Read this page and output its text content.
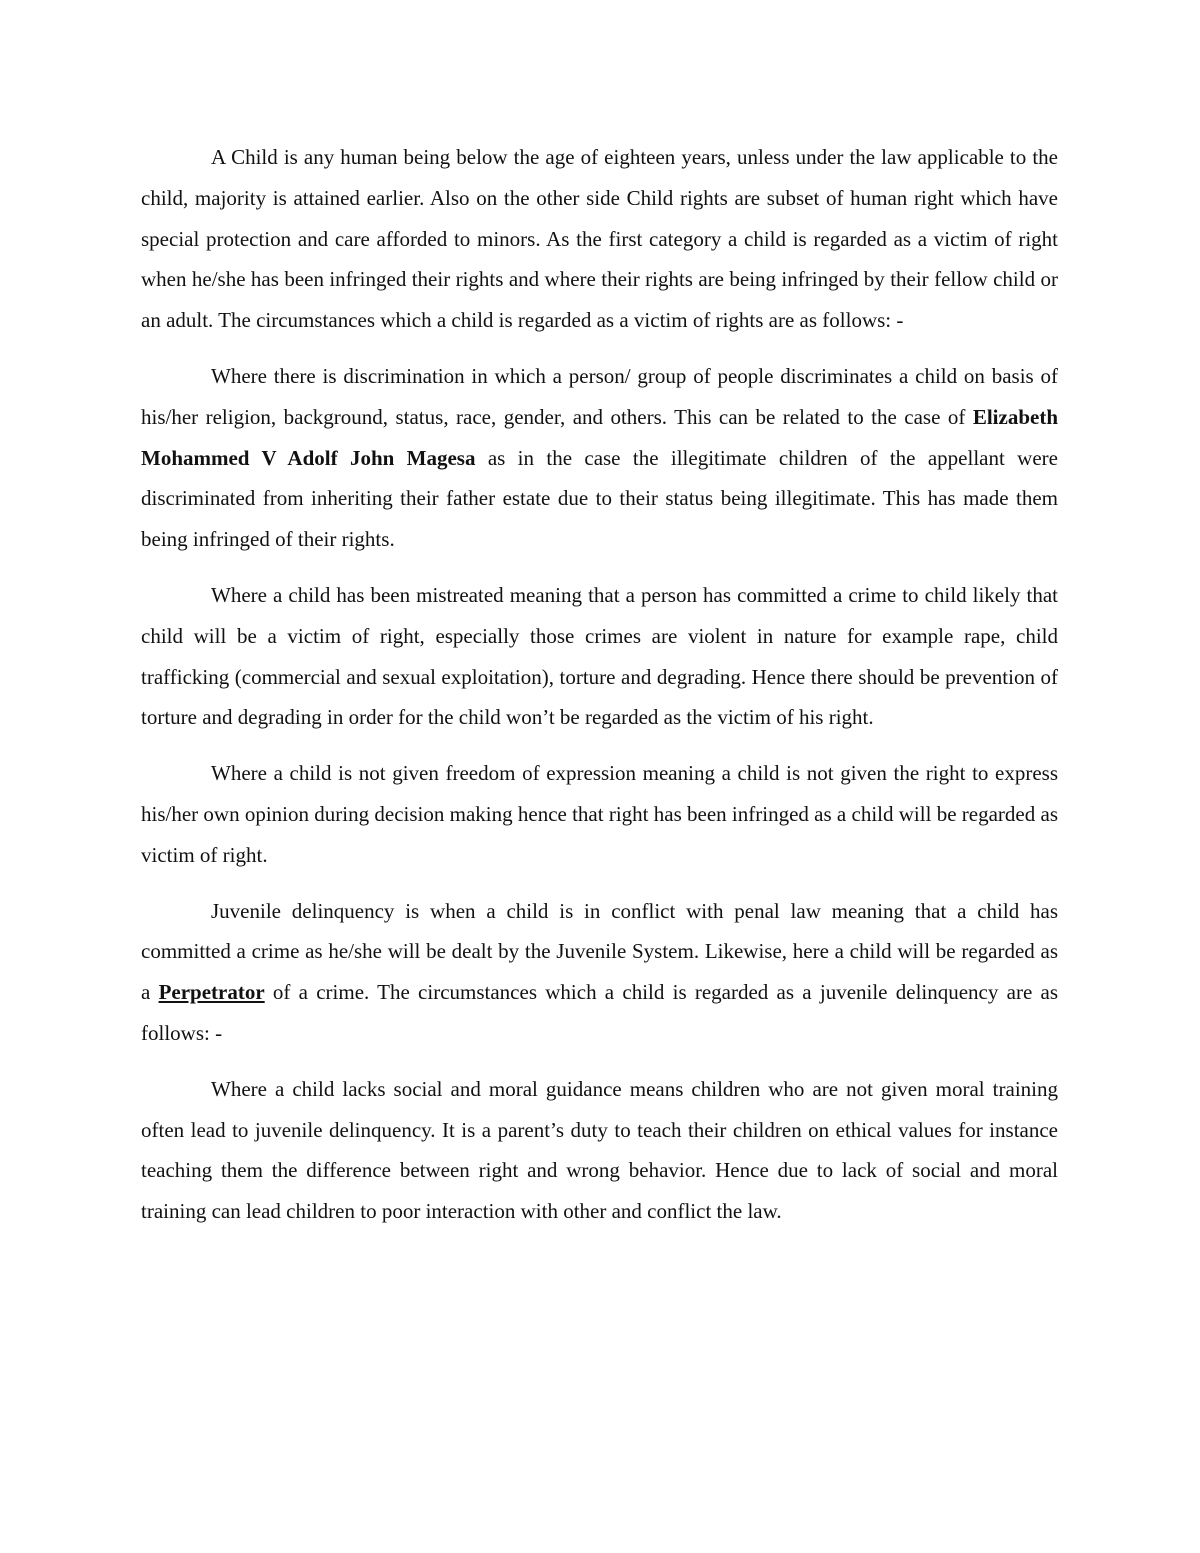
A Child is any human being below the age of eighteen years, unless under the law applicable to the child, majority is attained earlier. Also on the other side Child rights are subset of human right which have special protection and care afforded to minors. As the first category a child is regarded as a victim of right when he/she has been infringed their rights and where their rights are being infringed by their fellow child or an adult. The circumstances which a child is regarded as a victim of rights are as follows: -

Where there is discrimination in which a person/ group of people discriminates a child on basis of his/her religion, background, status, race, gender, and others. This can be related to the case of Elizabeth Mohammed V Adolf John Magesa as in the case the illegitimate children of the appellant were discriminated from inheriting their father estate due to their status being illegitimate. This has made them being infringed of their rights.

Where a child has been mistreated meaning that a person has committed a crime to child likely that child will be a victim of right, especially those crimes are violent in nature for example rape, child trafficking (commercial and sexual exploitation), torture and degrading. Hence there should be prevention of torture and degrading in order for the child won’t be regarded as the victim of his right.

Where a child is not given freedom of expression meaning a child is not given the right to express his/her own opinion during decision making hence that right has been infringed as a child will be regarded as victim of right.

Juvenile delinquency is when a child is in conflict with penal law meaning that a child has committed a crime as he/she will be dealt by the Juvenile System. Likewise, here a child will be regarded as a Perpetrator of a crime. The circumstances which a child is regarded as a juvenile delinquency are as follows: -

Where a child lacks social and moral guidance means children who are not given moral training often lead to juvenile delinquency. It is a parent’s duty to teach their children on ethical values for instance teaching them the difference between right and wrong behavior. Hence due to lack of social and moral training can lead children to poor interaction with other and conflict the law.
